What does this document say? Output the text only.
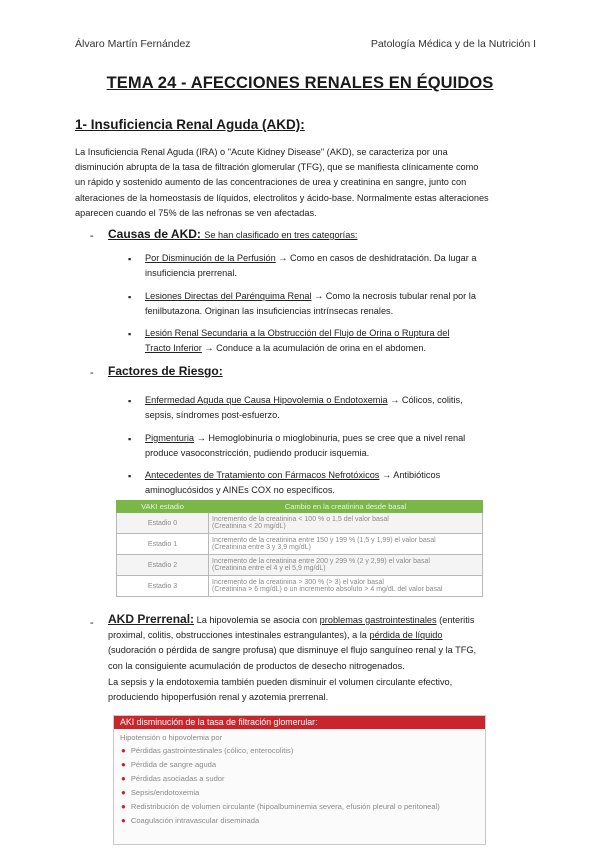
Álvaro Martín Fernández	Patología Médica y de la Nutrición I
TEMA 24 - AFECCIONES RENALES EN ÉQUIDOS
1- Insuficiencia Renal Aguda (AKD):
La Insuficiencia Renal Aguda (IRA) o "Acute Kidney Disease" (AKD), se caracteriza por una
disminución abrupta de la tasa de filtración glomerular (TFG), que se manifiesta clínicamente como
un rápido y sostenido aumento de las concentraciones de urea y creatinina en sangre, junto con
alteraciones de la homeostasis de líquidos, electrolitos y ácido-base. Normalmente estas alteraciones
aparecen cuando el 75% de las nefronas se ven afectadas.
- Causas de AKD: Se han clasificado en tres categorías:
▪ Por Disminución de la Perfusión → Como en casos de deshidratación. Da lugar a
insuficiencia prerrenal.
▪ Lesiones Directas del Parénquima Renal → Como la necrosis tubular renal por la
fenilbutazona. Originan las insuficiencias intrínsecas renales.
▪ Lesión Renal Secundaria a la Obstrucción del Flujo de Orina o Ruptura del
Tracto Inferior → Conduce a la acumulación de orina en el abdomen.
- Factores de Riesgo:
▪ Enfermedad Aguda que Causa Hipovolemia o Endotoxemia → Cólicos, colitis,
sepsis, síndromes post-esfuerzo.
▪ Pigmenturia → Hemoglobinuria o mioglobinuria, pues se cree que a nivel renal
produce vasoconstricción, pudiendo producir isquemia.
▪ Antecedentes de Tratamiento con Fármacos Nefrotóxicos → Antibióticos
aminoglucósidos y AINEs COX no específicos.
VAKI estadio	Cambio en la creatinina desde basal
Estadio 0	Incremento de la creatinina < 100 % o 1,5 del valor basal
(Creatinina < 20 mg/dL)

Estadio 1	Incremento de la creatinina entre 150 y 199 % (1,5 y 1,99) el valor basal
(Creatinina entre 3 y 3,9 mg/dL)

Estadio 2	Incremento de la creatinina entre 200 y 299 % (2 y 2,99) el valor basal
(Creatinina entre el 4 y el 5,9 mg/dL)

Estadio 3	Incremento de la creatinina > 300 % (> 3) el valor basal
(Creatinina > 6 mg/dL) o un incremento absoluto > 4 mg/dL del valor basal
- AKD Prerrenal: La hipovolemia se asocia con problemas gastrointestinales (enteritis
proximal, colitis, obstrucciones intestinales estrangulantes), a la pérdida de líquido
(sudoración o pérdida de sangre profusa) que disminuye el flujo sanguíneo renal y la TFG,
con la consiguiente acumulación de productos de desecho nitrogenados.
La sepsis y la endotoxemia también pueden disminuir el volumen circulante efectivo,
produciendo hipoperfusión renal y azotemia prerrenal.
AKI disminución de la tasa de filtración glomerular:
Hipotensión o hipovolemia por
● Pérdidas gastrointestinales (cólico, enterocolitis)
● Pérdida de sangre aguda
● Pérdidas asociadas a sudor
● Sepsis/endotoxemia
● Redistribución de volumen circulante (hipoalbuminemia severa, efusión pleural o peritoneal)
● Coagulación intravascular diseminada
